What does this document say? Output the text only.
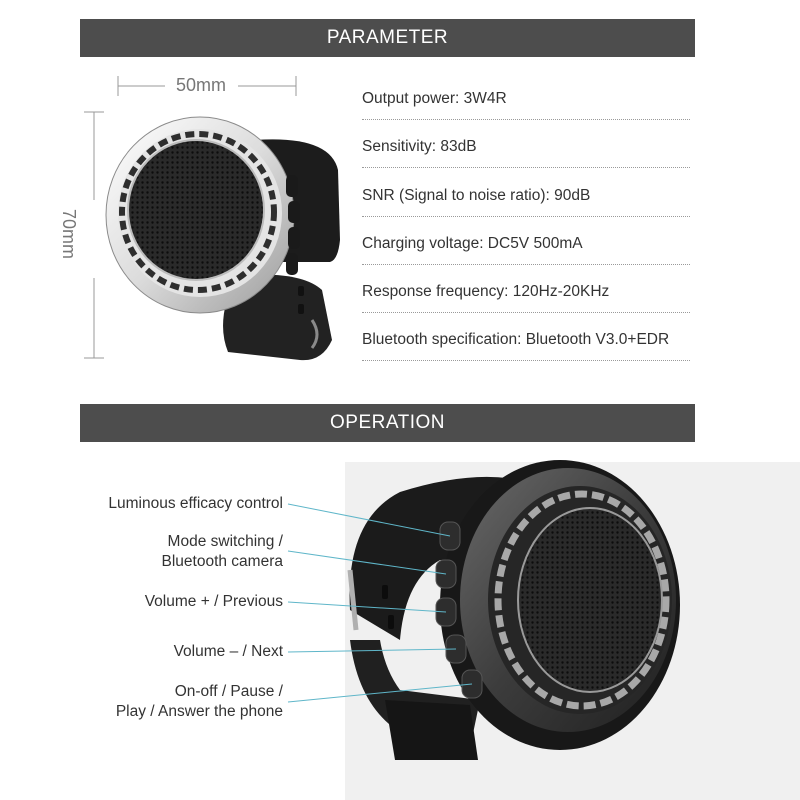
PARAMETER
50mm
70mm
Output power: 3W4R
Sensitivity: 83dB
SNR (Signal to noise ratio): 90dB
Charging voltage: DC5V 500mA
Response frequency: 120Hz-20KHz
Bluetooth specification: Bluetooth V3.0+EDR
OPERATION
Luminous efficacy control
Mode switching /
Bluetooth camera
Volume + / Previous
Volume – / Next
On-off / Pause /
Play / Answer the phone
